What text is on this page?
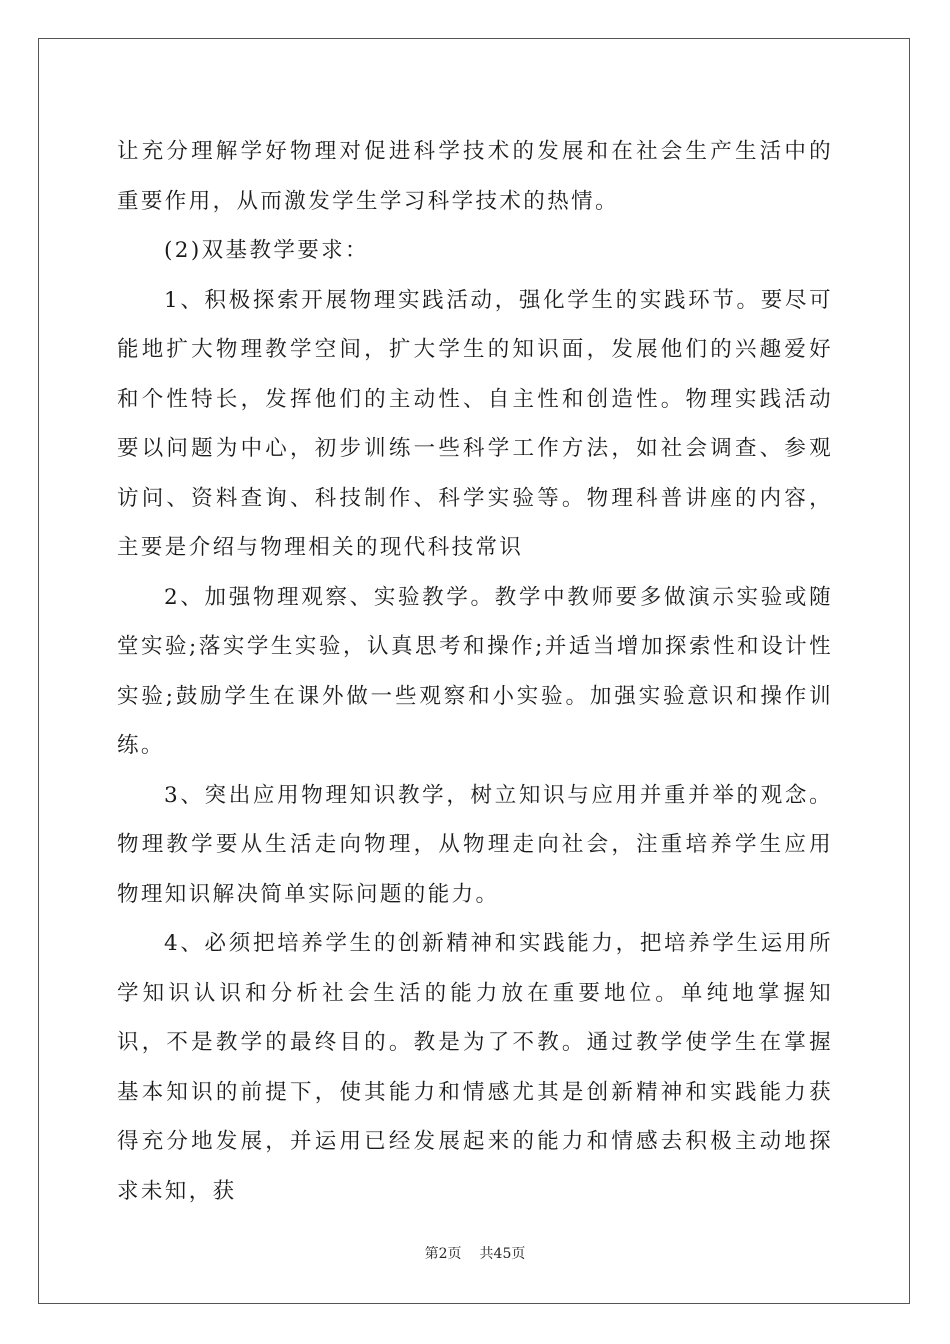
让充分理解学好物理对促进科学技术的发展和在社会生产生活中的重要作用，从而激发学生学习科学技术的热情。

(2)双基教学要求：

1、积极探索开展物理实践活动，强化学生的实践环节。要尽可能地扩大物理教学空间，扩大学生的知识面，发展他们的兴趣爱好和个性特长，发挥他们的主动性、自主性和创造性。物理实践活动要以问题为中心，初步训练一些科学工作方法，如社会调查、参观访问、资料查询、科技制作、科学实验等。物理科普讲座的内容，主要是介绍与物理相关的现代科技常识

2、加强物理观察、实验教学。教学中教师要多做演示实验或随堂实验;落实学生实验，认真思考和操作;并适当增加探索性和设计性实验;鼓励学生在课外做一些观察和小实验。加强实验意识和操作训练。

3、突出应用物理知识教学，树立知识与应用并重并举的观念。物理教学要从生活走向物理，从物理走向社会，注重培养学生应用物理知识解决简单实际问题的能力。

4、必须把培养学生的创新精神和实践能力，把培养学生运用所学知识认识和分析社会生活的能力放在重要地位。单纯地掌握知识，不是教学的最终目的。教是为了不教。通过教学使学生在掌握基本知识的前提下，使其能力和情感尤其是创新精神和实践能力获得充分地发展，并运用已经发展起来的能力和情感去积极主动地探求未知，获

第2页 共45页
